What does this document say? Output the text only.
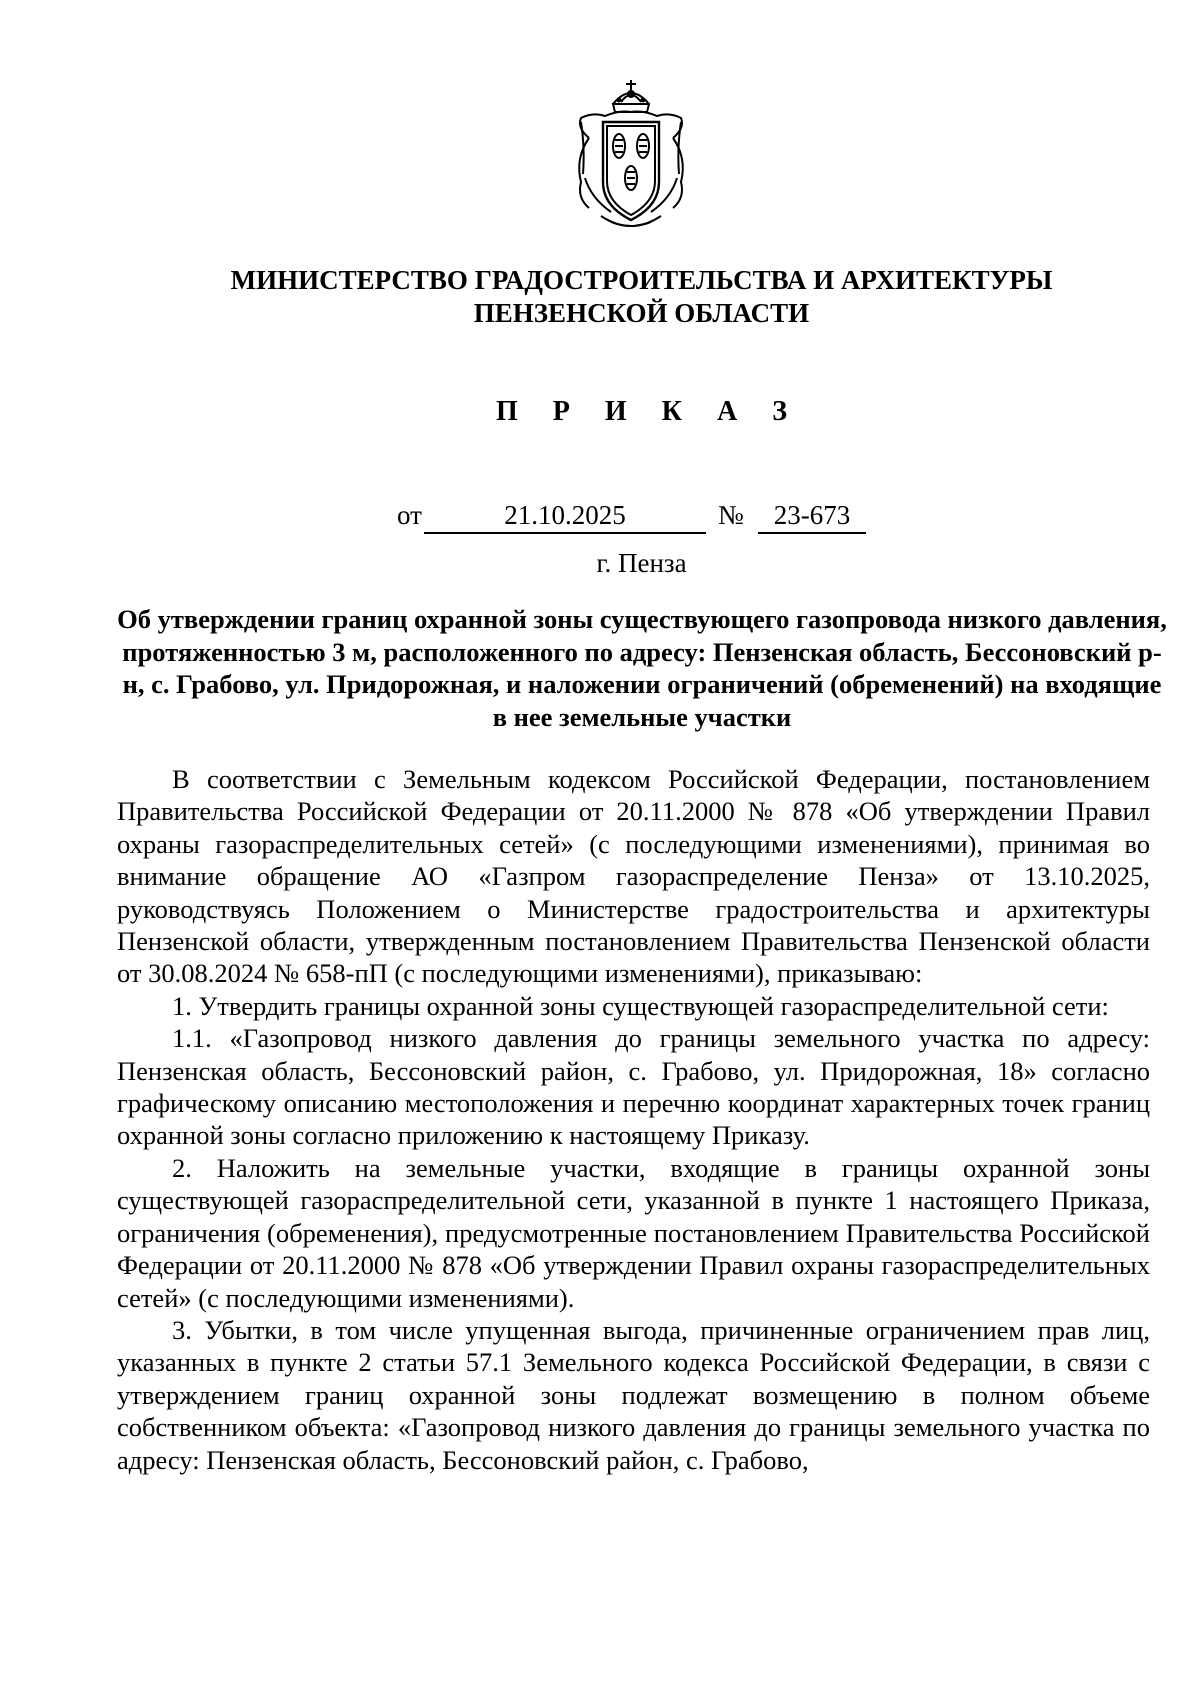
МИНИСТЕРСТВО ГРАДОСТРОИТЕЛЬСТВА И АРХИТЕКТУРЫ
ПЕНЗЕНСКОЙ ОБЛАСТИ
П Р И К А З
от	21.10.2025	№	23-673
г. Пенза
Об утверждении границ охранной зоны существующего газопровода низкого давления, протяженностью 3 м, расположенного по адресу: Пензенская область, Бессоновский р-н, с. Грабово, ул. Придорожная, и наложении ограничений (обременений) на входящие в нее земельные участки

В соответствии с Земельным кодексом Российской Федерации, постановлением Правительства Российской Федерации от 20.11.2000 № 878 «Об утверждении Правил охраны газораспределительных сетей» (с последующими изменениями), принимая во внимание обращение АО «Газпром газораспределение Пенза» от 13.10.2025, руководствуясь Положением о Министерстве градостроительства и архитектуры Пензенской области, утвержденным постановлением Правительства Пензенской области от 30.08.2024 № 658-пП (с последующими изменениями), приказываю:

1. Утвердить границы охранной зоны существующей газораспределительной сети:

1.1. «Газопровод низкого давления до границы земельного участка по адресу: Пензенская область, Бессоновский район, с. Грабово, ул. Придорожная, 18» согласно графическому описанию местоположения и перечню координат характерных точек границ охранной зоны согласно приложению к настоящему Приказу.

2. Наложить на земельные участки, входящие в границы охранной зоны существующей газораспределительной сети, указанной в пункте 1 настоящего Приказа, ограничения (обременения), предусмотренные постановлением Правительства Российской Федерации от 20.11.2000 № 878 «Об утверждении Правил охраны газораспределительных сетей» (с последующими изменениями).

3. Убытки, в том числе упущенная выгода, причиненные ограничением прав лиц, указанных в пункте 2 статьи 57.1 Земельного кодекса Российской Федерации, в связи с утверждением границ охранной зоны подлежат возмещению в полном объеме собственником объекта: «Газопровод низкого давления до границы земельного участка по адресу: Пензенская область, Бессоновский район, с. Грабово,
